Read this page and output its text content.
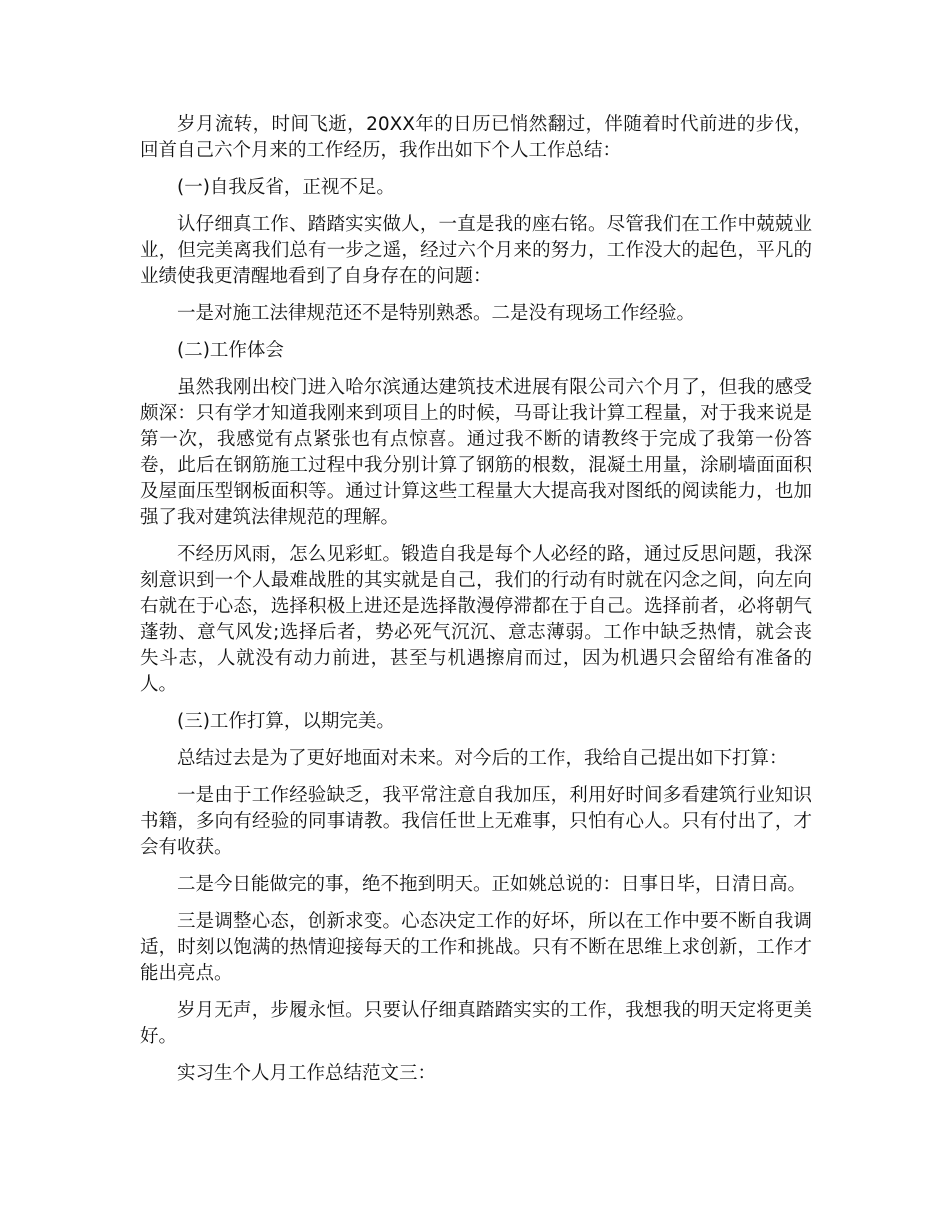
岁月流转，时间飞逝，20XX年的日历已悄然翻过，伴随着时代前进的步伐，回首自己六个月来的工作经历，我作出如下个人工作总结：

(一)自我反省，正视不足。

认仔细真工作、踏踏实实做人，一直是我的座右铭。尽管我们在工作中兢兢业业，但完美离我们总有一步之遥，经过六个月来的努力，工作没大的起色，平凡的业绩使我更清醒地看到了自身存在的问题：

一是对施工法律规范还不是特别熟悉。二是没有现场工作经验。

(二)工作体会

虽然我刚出校门进入哈尔滨通达建筑技术进展有限公司六个月了，但我的感受颇深：只有学才知道我刚来到项目上的时候，马哥让我计算工程量，对于我来说是第一次，我感觉有点紧张也有点惊喜。通过我不断的请教终于完成了我第一份答卷，此后在钢筋施工过程中我分别计算了钢筋的根数，混凝土用量，涂刷墙面面积及屋面压型钢板面积等。通过计算这些工程量大大提高我对图纸的阅读能力，也加强了我对建筑法律规范的理解。

不经历风雨，怎么见彩虹。锻造自我是每个人必经的路，通过反思问题，我深刻意识到一个人最难战胜的其实就是自己，我们的行动有时就在闪念之间，向左向右就在于心态，选择积极上进还是选择散漫停滞都在于自己。选择前者，必将朝气蓬勃、意气风发;选择后者，势必死气沉沉、意志薄弱。工作中缺乏热情，就会丧失斗志，人就没有动力前进，甚至与机遇擦肩而过，因为机遇只会留给有准备的人。

(三)工作打算，以期完美。

总结过去是为了更好地面对未来。对今后的工作，我给自己提出如下打算：

一是由于工作经验缺乏，我平常注意自我加压，利用好时间多看建筑行业知识书籍，多向有经验的同事请教。我信任世上无难事，只怕有心人。只有付出了，才会有收获。

二是今日能做完的事，绝不拖到明天。正如姚总说的：日事日毕，日清日高。

三是调整心态，创新求变。心态决定工作的好坏，所以在工作中要不断自我调适，时刻以饱满的热情迎接每天的工作和挑战。只有不断在思维上求创新，工作才能出亮点。

岁月无声，步履永恒。只要认仔细真踏踏实实的工作，我想我的明天定将更美好。

实习生个人月工作总结范文三：
